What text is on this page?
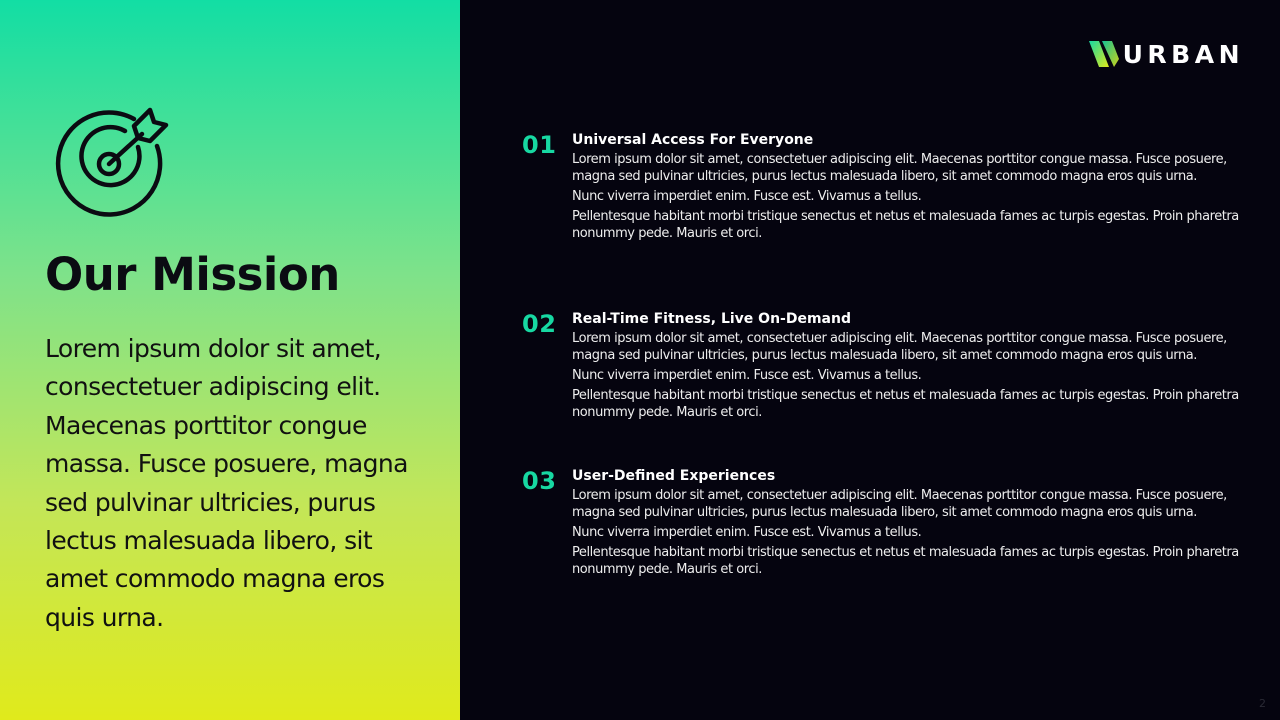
Our Mission

Lorem ipsum dolor sit amet, consectetuer adipiscing elit. Maecenas porttitor congue massa. Fusce posuere, magna sed pulvinar ultricies, purus lectus malesuada libero, sit amet commodo magna eros quis urna.

URBAN
01 Universal Access For Everyone

Lorem ipsum dolor sit amet, consectetuer adipiscing elit. Maecenas porttitor congue massa. Fusce posuere, magna sed pulvinar ultricies, purus lectus malesuada libero, sit amet commodo magna eros quis urna.

Nunc viverra imperdiet enim. Fusce est. Vivamus a tellus.

Pellentesque habitant morbi tristique senectus et netus et malesuada fames ac turpis egestas. Proin pharetra nonummy pede. Mauris et orci.

02 Real-Time Fitness, Live On-Demand

Lorem ipsum dolor sit amet, consectetuer adipiscing elit. Maecenas porttitor congue massa. Fusce posuere, magna sed pulvinar ultricies, purus lectus malesuada libero, sit amet commodo magna eros quis urna.

Nunc viverra imperdiet enim. Fusce est. Vivamus a tellus.

Pellentesque habitant morbi tristique senectus et netus et malesuada fames ac turpis egestas. Proin pharetra nonummy pede. Mauris et orci.

03 User-Defined Experiences

Lorem ipsum dolor sit amet, consectetuer adipiscing elit. Maecenas porttitor congue massa. Fusce posuere, magna sed pulvinar ultricies, purus lectus malesuada libero, sit amet commodo magna eros quis urna.

Nunc viverra imperdiet enim. Fusce est. Vivamus a tellus.

Pellentesque habitant morbi tristique senectus et netus et malesuada fames ac turpis egestas. Proin pharetra nonummy pede. Mauris et orci.

2
